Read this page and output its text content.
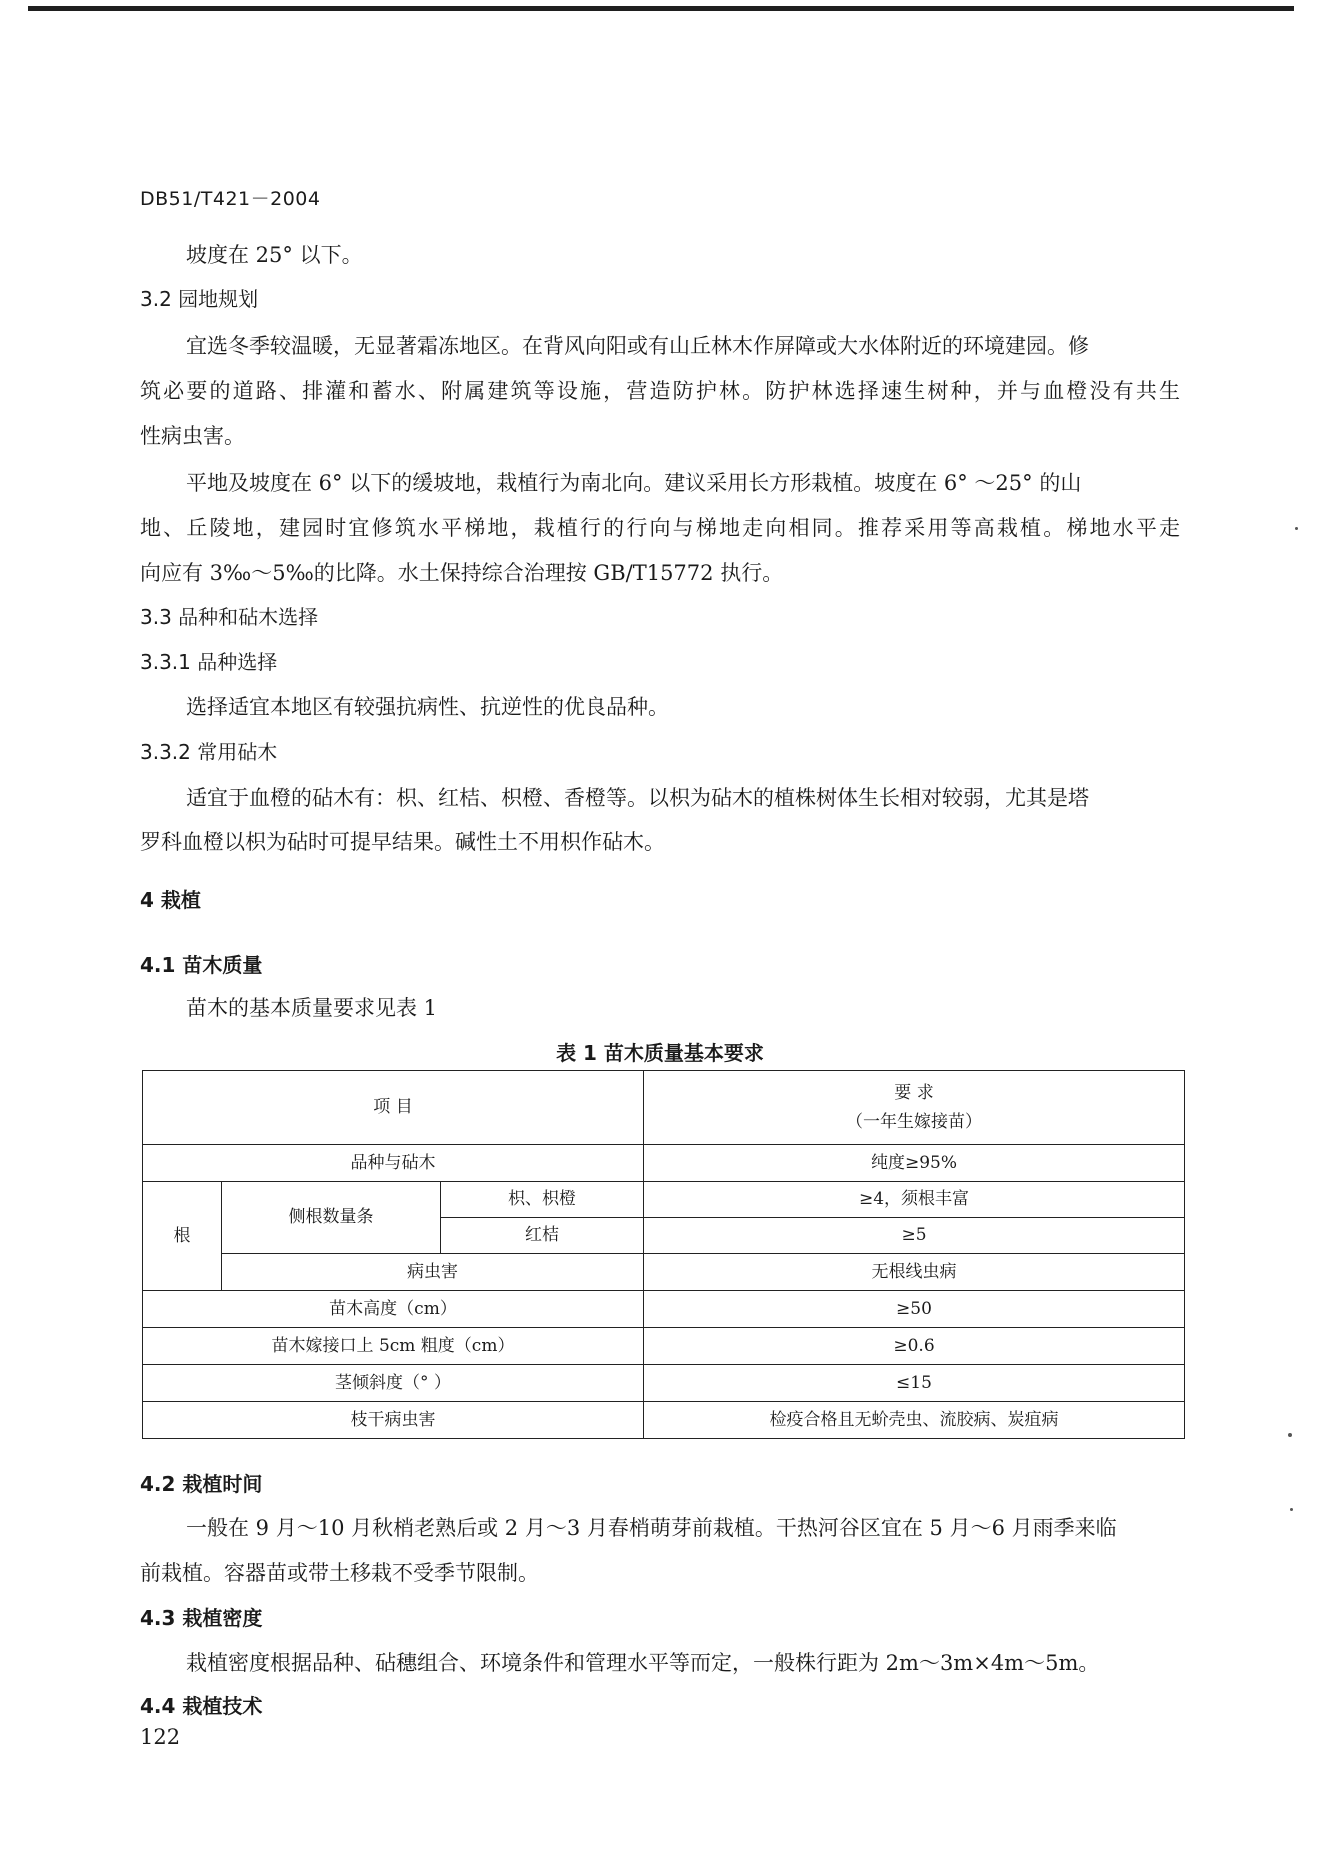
DB51/T421－2004
坡度在 25° 以下。
3.2 园地规划
宜选冬季较温暖，无显著霜冻地区。在背风向阳或有山丘林木作屏障或大水体附近的环境建园。修
筑必要的道路、排灌和蓄水、附属建筑等设施，营造防护林。防护林选择速生树种，并与血橙没有共生
性病虫害。
平地及坡度在 6° 以下的缓坡地，栽植行为南北向。建议采用长方形栽植。坡度在 6° ～25° 的山
地、丘陵地，建园时宜修筑水平梯地，栽植行的行向与梯地走向相同。推荐采用等高栽植。梯地水平走
向应有 3‰～5‰的比降。水土保持综合治理按 GB/T15772 执行。
3.3 品种和砧木选择
3.3.1 品种选择
选择适宜本地区有较强抗病性、抗逆性的优良品种。
3.3.2 常用砧木
适宜于血橙的砧木有：枳、红桔、枳橙、香橙等。以枳为砧木的植株树体生长相对较弱，尤其是塔
罗科血橙以枳为砧时可提早结果。碱性土不用枳作砧木。
4 栽植
4.1 苗木质量
苗木的基本质量要求见表 1
表 1 苗木质量基本要求
项 目			要 求
（一年生嫁接苗）

品种与砧木			纯度≥95%
根	侧根数量条	枳、枳橙	≥4，须根丰富
		红桔	≥5
	病虫害		无根线虫病
苗木高度（cm）			≥50
苗木嫁接口上 5cm 粗度（cm）			≥0.6
茎倾斜度（° ）			≤15
枝干病虫害			检疫合格且无蚧壳虫、流胶病、炭疽病
4.2 栽植时间
一般在 9 月～10 月秋梢老熟后或 2 月～3 月春梢萌芽前栽植。干热河谷区宜在 5 月～6 月雨季来临
前栽植。容器苗或带土移栽不受季节限制。
4.3 栽植密度
栽植密度根据品种、砧穗组合、环境条件和管理水平等而定，一般株行距为 2m～3m×4m～5m。
4.4 栽植技术
122
